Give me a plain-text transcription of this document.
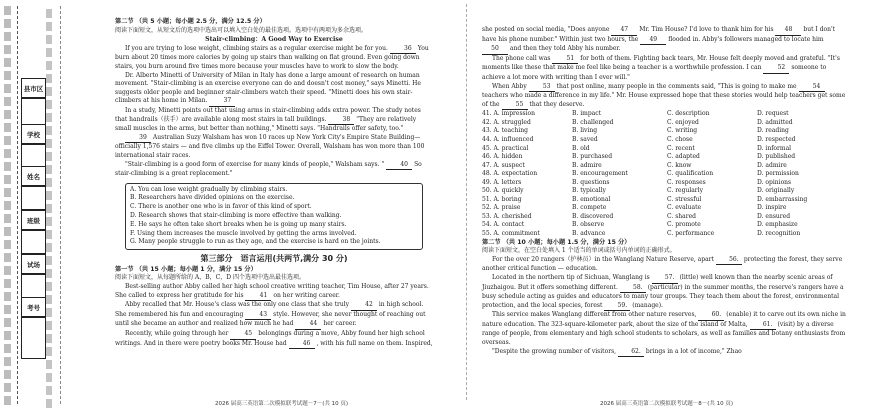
县市区
学校
姓名
班级
试场
考号

第二节 （共 5 小题；每小题 2.5 分，满分 12.5 分）

阅读下面短文，从短文后的选项中选出可以填入空白处的最佳选项。选项中有两项为多余选项。

Stair-climbing：A Good Way to Exercise

If you are trying to lose weight, climbing stairs as a regular exercise might be for you.	36 You burn about 20 times more calories by going up stairs than walking on flat ground. Even going down stairs, you burn around five times more because your muscles have to work to slow the body.

Dr. Alberto Minetti of University of Milan in Italy has done a large amount of research on human movement. "Stair-climbing is an exercise everyone can do and doesn't cost money," says Minetti. He suggests older people and beginner stair-climbers watch their speed. "Minetti does his own stair-climbers at his home in Milan.	37

In a study, Minetti points out that using arms in stair-climbing adds extra power. The study notes that handrails（扶手）are available along most stairs in tall buildings.	38 "They are relatively small muscles in the arms, but better than nothing," Minetti says. "Handrails offer safety, too."

39 Australian Suzy Walsham has won 10 races up New York City's Empire State Building—officially 1,576 stairs — and five climbs up the Eiffel Tower. Overall, Walsham has won more than 100 international stair races.

"Stair-climbing is a good form of exercise for many kinds of people," Walsham says. "	40 So stair-climbing is a great replacement."

A. You can lose weight gradually by climbing stairs.
B. Researchers have divided opinions on the exercise.
C. There is another one who is in favor of this kind of sport.
D. Research shows that stair-climbing is more effective than walking.
E. He says he often take short breaks when he is going up many stairs.
F. Using them increases the muscle involved by getting the arms involved.
G. Many people struggle to run as they age, and the exercise is hard on the joints.
第三部分　语言运用(共两节,满分 30 分)

第一节 （共 15 小题；每小题 1 分，满分 15 分）

阅读下面短文，从每题所给的 A，B，C，D 四个选项中选出最佳选项。

Best-selling author Abby called her high school creative writing teacher, Tim House, after 27 years. She called to express her gratitude for his	41 on her writing career.

Abby recalled that Mr. House's class was the only one class that she truly	42 in high school. She remembered his fun and encouraging	43 style. However, she never thought of reaching out until she became an author and realized how much he had	44 her career.

Recently, while going through her	45 belongings during a move, Abby found her high school writings. And in there were poetry books Mr. House had	46 , with his full name on them. Inspired,

2026 届高三英语第二次模拟联考试题－7－(共 10 页)

she posted on social media, "Does anyone 47 Mr. Tim House? I'd love to thank him for his 48 but I don't have his phone number." Within just two hours, the 49 flooded in. Abby's followers managed to locate him 50 and then they told Abby his number.

The phone call was	51 for both of them. Fighting back tears, Mr. House felt deeply moved and grateful. "It's moments like these that make me feel like being a teacher is a worthwhile profession. I can	52 someone to achieve a lot more with writing than I ever will."

When Abby	53 that post online, many people in the comments said, "This is going to make me	54 teachers who made a difference in my life." Mr. House expressed hope that these stories would help teachers get some of the	55 that they deserve.

41. A. impression	B. impact	C. description	D. request
42. A. struggled	B. challenged	C. enjoyed	D. admitted
43. A. teaching	B. living	C. writing	D. reading
44. A. influenced	B. saved	C. chose	D. respected
45. A. practical	B. old	C. recent	D. informal
46. A. hidden	B. purchased	C. adapted	D. published
47. A. suspect	B. admire	C. know	D. admire
48. A. expectation	B. encouragement	C. qualification	D. permission
49. A. letters	B. questions	C. responses	D. opinions
50. A. quickly	B. typically	C. regularly	D. originally
51. A. boring	B. emotional	C. stressful	D. embarrassing
52. A. praise	B. compete	C. evaluate	D. inspire
53. A. cherished	B. discovered	C. shared	D. ensured
54. A. contact	B. observe	C. promote	D. emphasize
55. A. commitment	B. advance	C. performance	D. recognition

第二节 （共 10 小题；每小题 1.5 分，满分 15 分）

阅读下面短文，在空白处填入 1 个适当的单词或括号内单词的正确形式。

For the over 20 rangers（护林员）in the Wanglang Nature Reserve, apart	56. protecting the forest, they serve another critical function — education.

Located in the northern tip of Sichuan, Wanglang is	57. (little) well known than the nearby scenic areas of Jiuzhaigou. But it offers something different.	58. (particular) in the summer months, the reserve's rangers have a busy schedule acting as guides and educators to many tour groups. They teach them about the forest, environmental protection, and the local species, forest	59. (manage).

This service makes Wanglang different from other nature reserves,	60. (enable) it to carve out its own niche in nature education. The 323-square-kilometer park, about the size of the island of Malta,	61. (visit) by a diverse range of people, from elementary and high school students to scholars, as well as families and botany enthusiasts from overseas.

"Despite the growing number of visitors,	62. brings in a lot of income," Zhao

2026 届高三英语第二次模拟联考试题－8－(共 10 页)
